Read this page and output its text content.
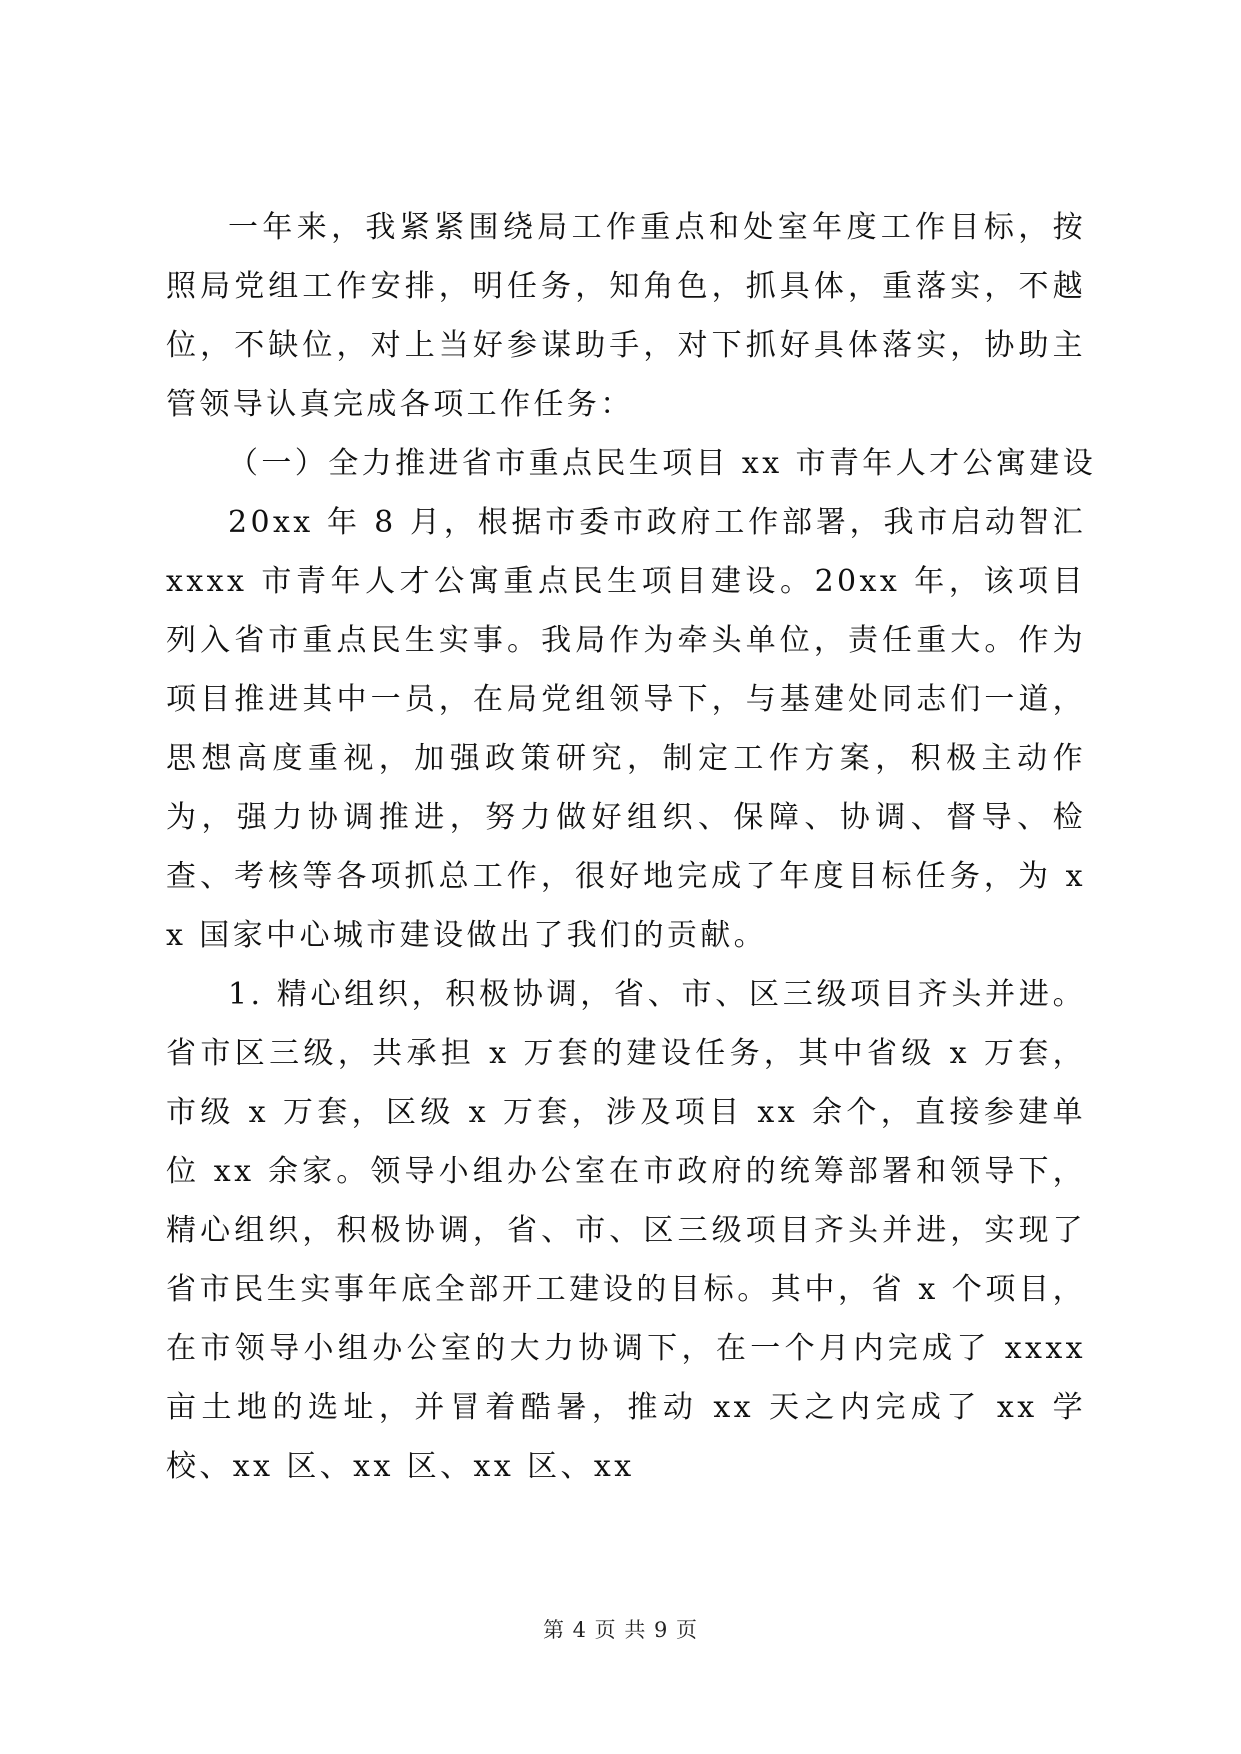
一年来，我紧紧围绕局工作重点和处室年度工作目标，按照局党组工作安排，明任务，知角色，抓具体，重落实，不越位，不缺位，对上当好参谋助手，对下抓好具体落实，协助主管领导认真完成各项工作任务：

（一）全力推进省市重点民生项目 xx 市青年人才公寓建设

20xx 年 8 月，根据市委市政府工作部署，我市启动智汇 xxxx 市青年人才公寓重点民生项目建设。20xx 年，该项目列入省市重点民生实事。我局作为牵头单位，责任重大。作为项目推进其中一员，在局党组领导下，与基建处同志们一道，思想高度重视，加强政策研究，制定工作方案，积极主动作为，强力协调推进，努力做好组织、保障、协调、督导、检查、考核等各项抓总工作，很好地完成了年度目标任务，为 xx 国家中心城市建设做出了我们的贡献。

1. 精心组织，积极协调，省、市、区三级项目齐头并进。省市区三级，共承担 x 万套的建设任务，其中省级 x 万套，市级 x 万套，区级 x 万套，涉及项目 xx 余个，直接参建单位 xx 余家。领导小组办公室在市政府的统筹部署和领导下，精心组织，积极协调，省、市、区三级项目齐头并进，实现了省市民生实事年底全部开工建设的目标。其中，省 x 个项目，在市领导小组办公室的大力协调下，在一个月内完成了 xxxx 亩土地的选址，并冒着酷暑，推动 xx 天之内完成了 xx 学校、xx 区、xx 区、xx 区、xx

第 4 页 共 9 页
